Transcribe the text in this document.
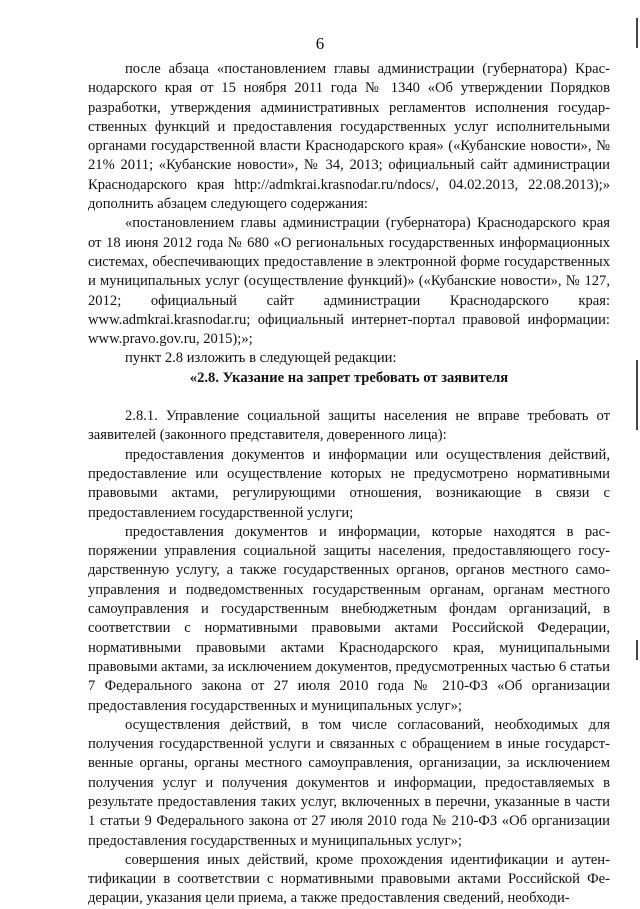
6

после абзаца «постановлением главы администрации (губернатора) Краснодарского края от 15 ноября 2011 года № 1340 «Об утверждении Порядков разработки, утверждения административных регламентов исполнения государственных функций и предоставления государственных услуг исполнительными органами государственной власти Краснодарского края» («Кубанские новости», № 21% 2011; «Кубанские новости», № 34, 2013; официальный сайт администрации Краснодарского края http://admkrai.krasnodar.ru/ndocs/, 04.02.2013, 22.08.2013);» дополнить абзацем следующего содержания:

«постановлением главы администрации (губернатора) Краснодарского края от 18 июня 2012 года № 680 «О региональных государственных информационных системах, обеспечивающих предоставление в электронной форме государственных и муниципальных услуг (осуществление функций)» («Кубанские новости», № 127, 2012; официальный сайт администрации Краснодарского края: www.admkrai.krasnodar.ru; официальный интернет-портал правовой информации: www.pravo.gov.ru, 2015);»;

пункт 2.8 изложить в следующей редакции:

«2.8. Указание на запрет требовать от заявителя

2.8.1. Управление социальной защиты населения не вправе требовать от заявителей (законного представителя, доверенного лица):

предоставления документов и информации или осуществления действий, предоставление или осуществление которых не предусмотрено нормативными правовыми актами, регулирующими отношения, возникающие в связи с предоставлением государственной услуги;

предоставления документов и информации, которые находятся в распоряжении управления социальной защиты населения, предоставляющего государственную услугу, а также государственных органов, органов местного самоуправления и подведомственных государственным органам, органам местного самоуправления и государственным внебюджетным фондам организаций, в соответствии с нормативными правовыми актами Российской Федерации, нормативными правовыми актами Краснодарского края, муниципальными правовыми актами, за исключением документов, предусмотренных частью 6 статьи 7 Федерального закона от 27 июля 2010 года № 210-ФЗ «Об организации предоставления государственных и муниципальных услуг»;

осуществления действий, в том числе согласований, необходимых для получения государственной услуги и связанных с обращением в иные государственные органы, органы местного самоуправления, организации, за исключением получения услуг и получения документов и информации, предоставляемых в результате предоставления таких услуг, включенных в перечни, указанные в части 1 статьи 9 Федерального закона от 27 июля 2010 года № 210-ФЗ «Об организации предоставления государственных и муниципальных услуг»;

совершения иных действий, кроме прохождения идентификации и аутентификации в соответствии с нормативными правовыми актами Российской Федерации, указания цели приема, а также предоставления сведений, необходи-
